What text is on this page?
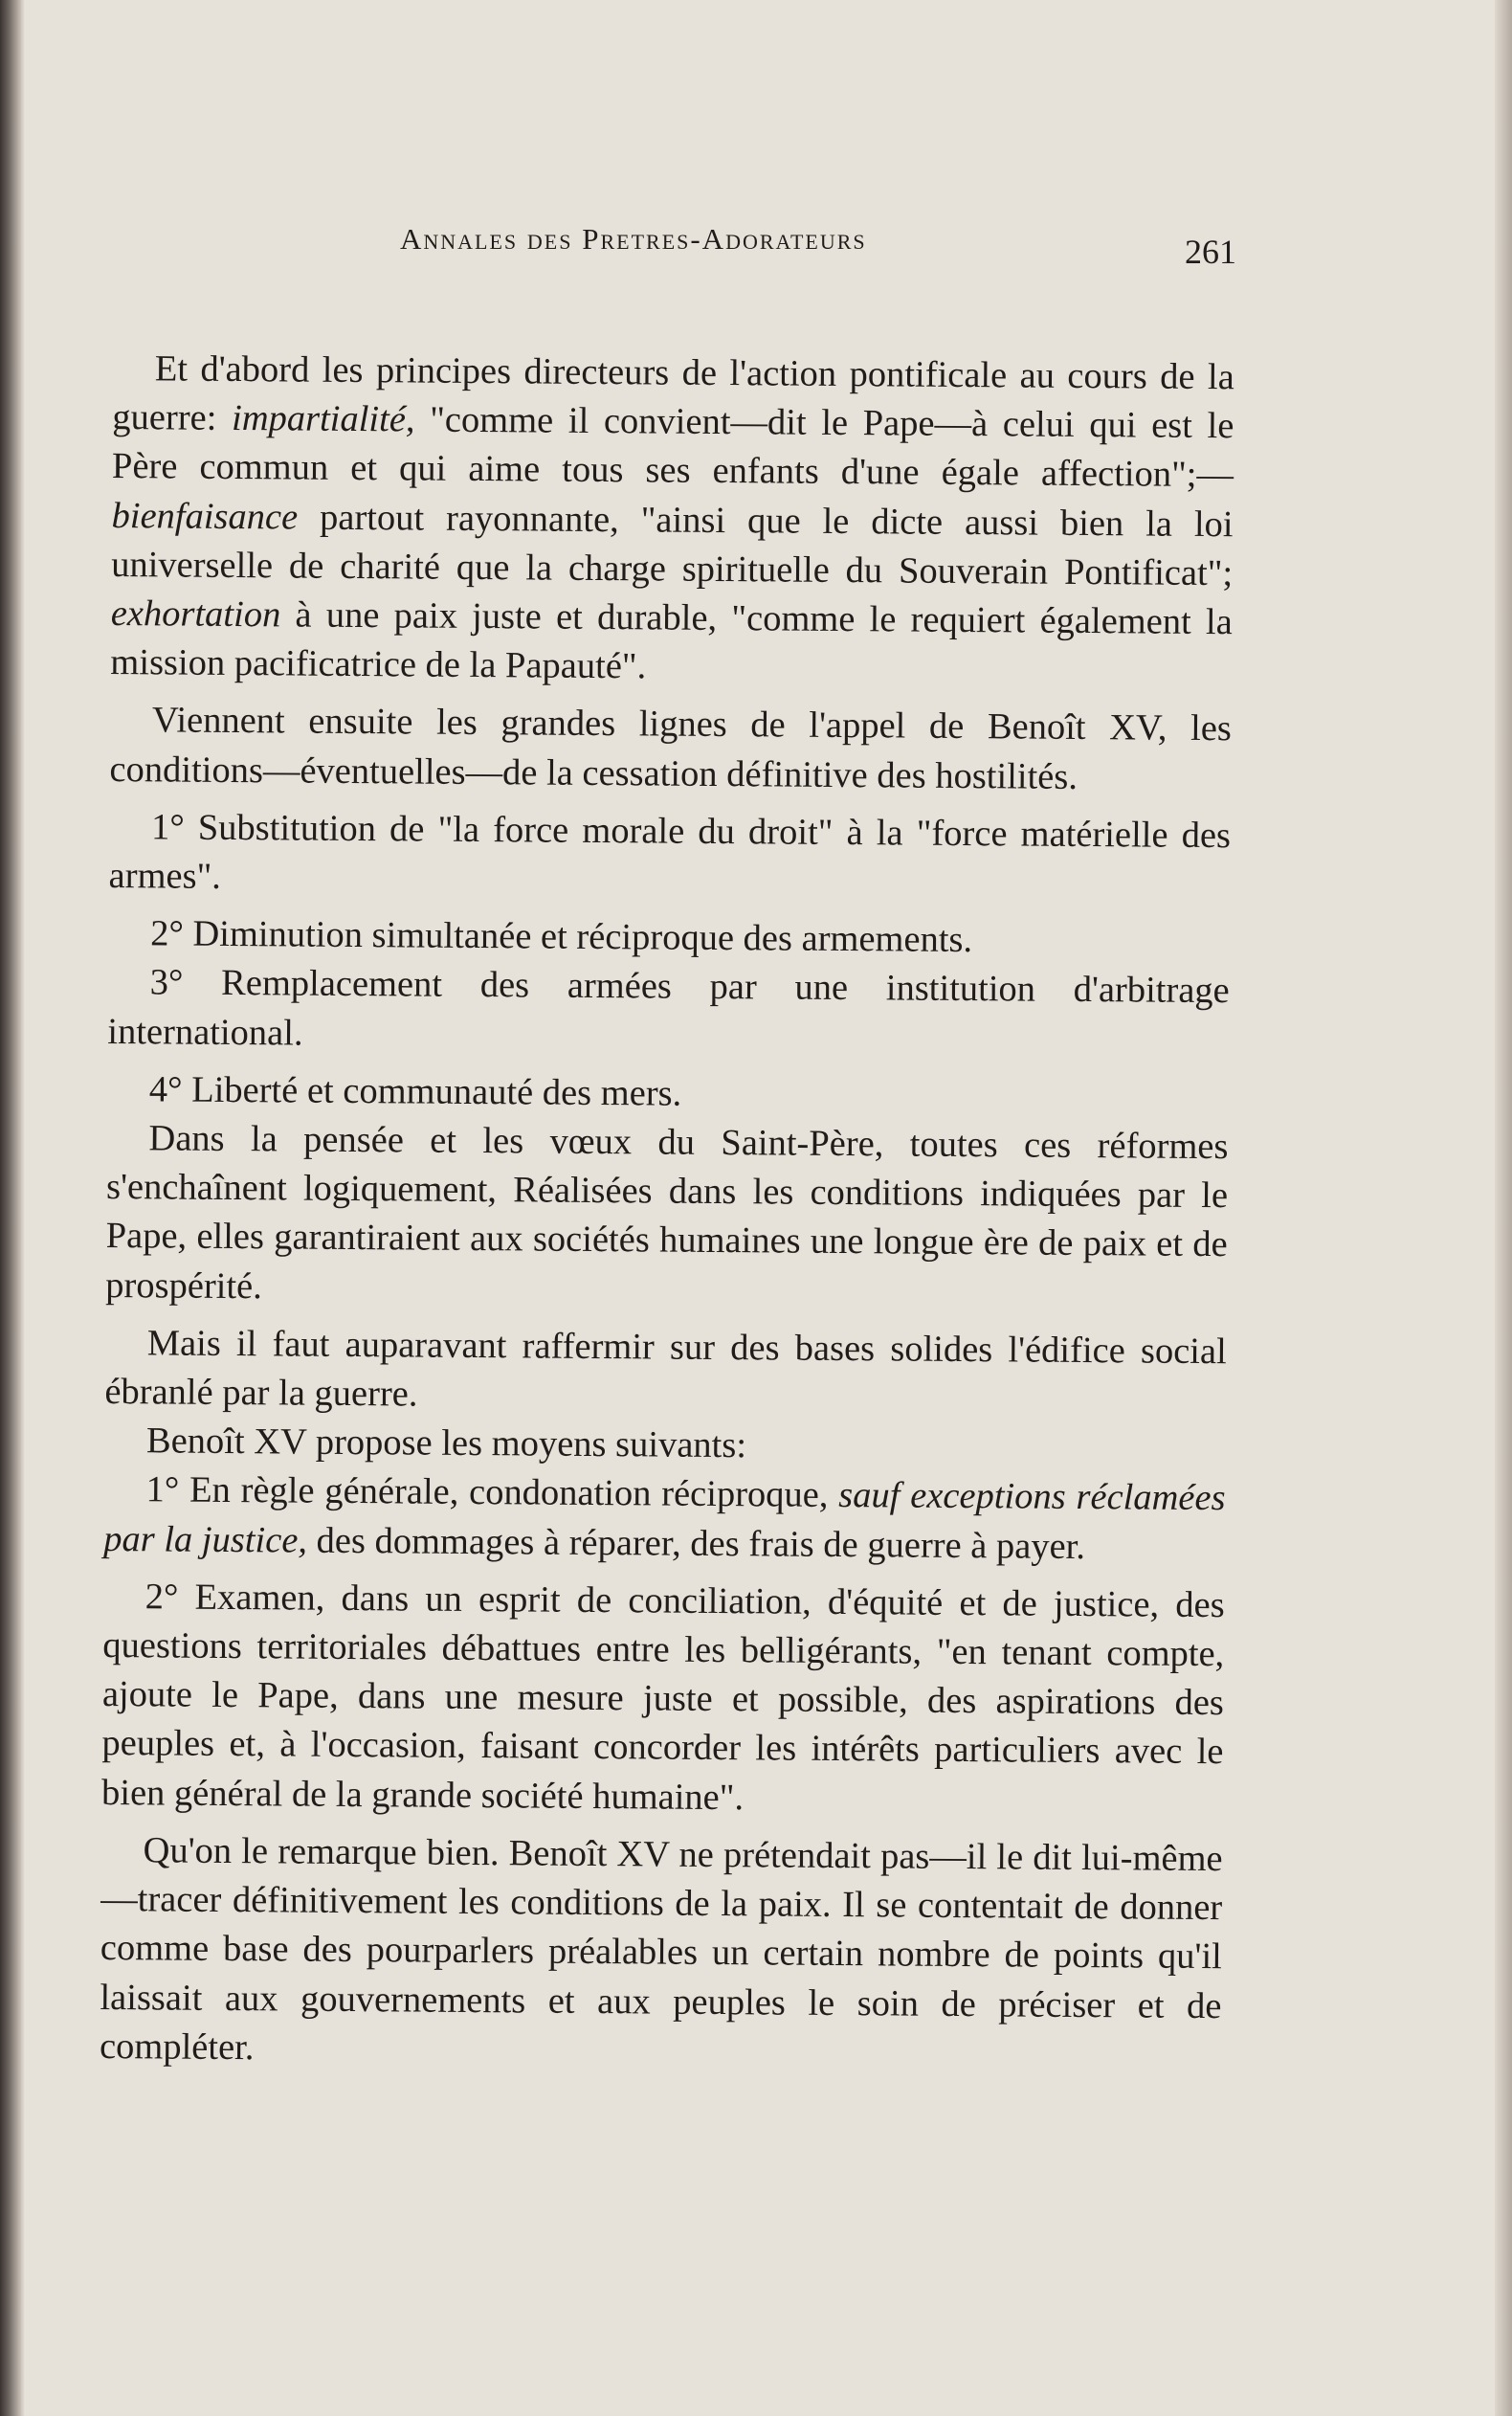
Annales des Pretres-Adorateurs	261

Et d'abord les principes directeurs de l'action pontificale au cours de la guerre: impartialité, "comme il convient—dit le Pape—à celui qui est le Père commun et qui aime tous ses enfants d'une égale affection";—bienfaisance partout rayonnante, "ainsi que le dicte aussi bien la loi universelle de charité que la charge spirituelle du Souverain Pontificat"; exhortation à une paix juste et durable, "comme le requiert également la mission pacificatrice de la Papauté".

Viennent ensuite les grandes lignes de l'appel de Benoît XV, les conditions—éventuelles—de la cessation définitive des hostilités.

1° Substitution de "la force morale du droit" à la "force matérielle des armes".

2° Diminution simultanée et réciproque des armements.

3° Remplacement des armées par une institution d'arbitrage international.

4° Liberté et communauté des mers.

Dans la pensée et les vœux du Saint-Père, toutes ces réformes s'enchaînent logiquement, Réalisées dans les conditions indiquées par le Pape, elles garantiraient aux sociétés humaines une longue ère de paix et de prospérité.

Mais il faut auparavant raffermir sur des bases solides l'édifice social ébranlé par la guerre.

Benoît XV propose les moyens suivants:

1° En règle générale, condonation réciproque, sauf exceptions réclamées par la justice, des dommages à réparer, des frais de guerre à payer.

2° Examen, dans un esprit de conciliation, d'équité et de justice, des questions territoriales débattues entre les belligérants, "en tenant compte, ajoute le Pape, dans une mesure juste et possible, des aspirations des peuples et, à l'occasion, faisant concorder les intérêts particuliers avec le bien général de la grande société humaine".

Qu'on le remarque bien. Benoît XV ne prétendait pas—il le dit lui-même—tracer définitivement les conditions de la paix. Il se contentait de donner comme base des pourparlers préalables un certain nombre de points qu'il laissait aux gouvernements et aux peuples le soin de préciser et de compléter.
